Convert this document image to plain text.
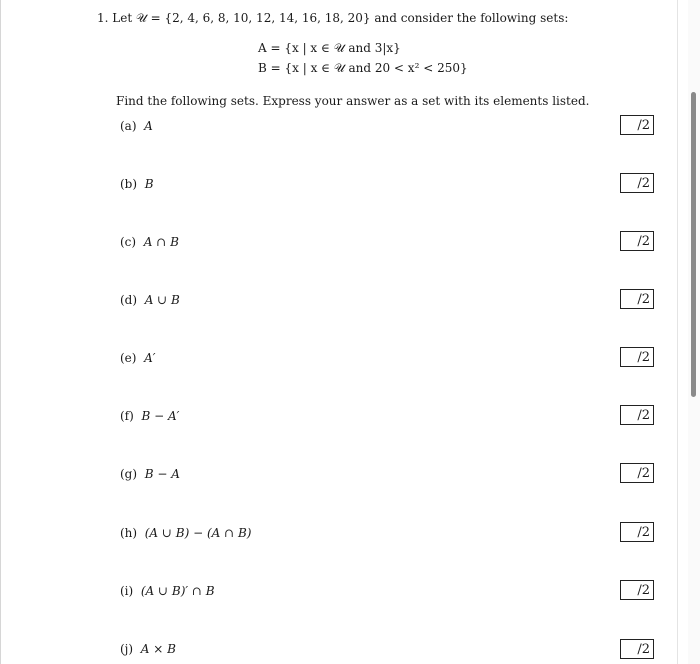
1. Let 𝒰 = {2, 4, 6, 8, 10, 12, 14, 16, 18, 20} and consider the following sets:
A = {x | x ∈ 𝒰 and 3|x}
B = {x | x ∈ 𝒰 and 20 < x² < 250}
Find the following sets. Express your answer as a set with its elements listed.
(a) A	/2
(b) B	/2
(c) A ∩ B	/2
(d) A ∪ B	/2
(e) A′	/2
(f) B − A′	/2
(g) B − A	/2
(h) (A ∪ B) − (A ∩ B)	/2
(i) (A ∪ B)′ ∩ B	/2
(j) A × B	/2
